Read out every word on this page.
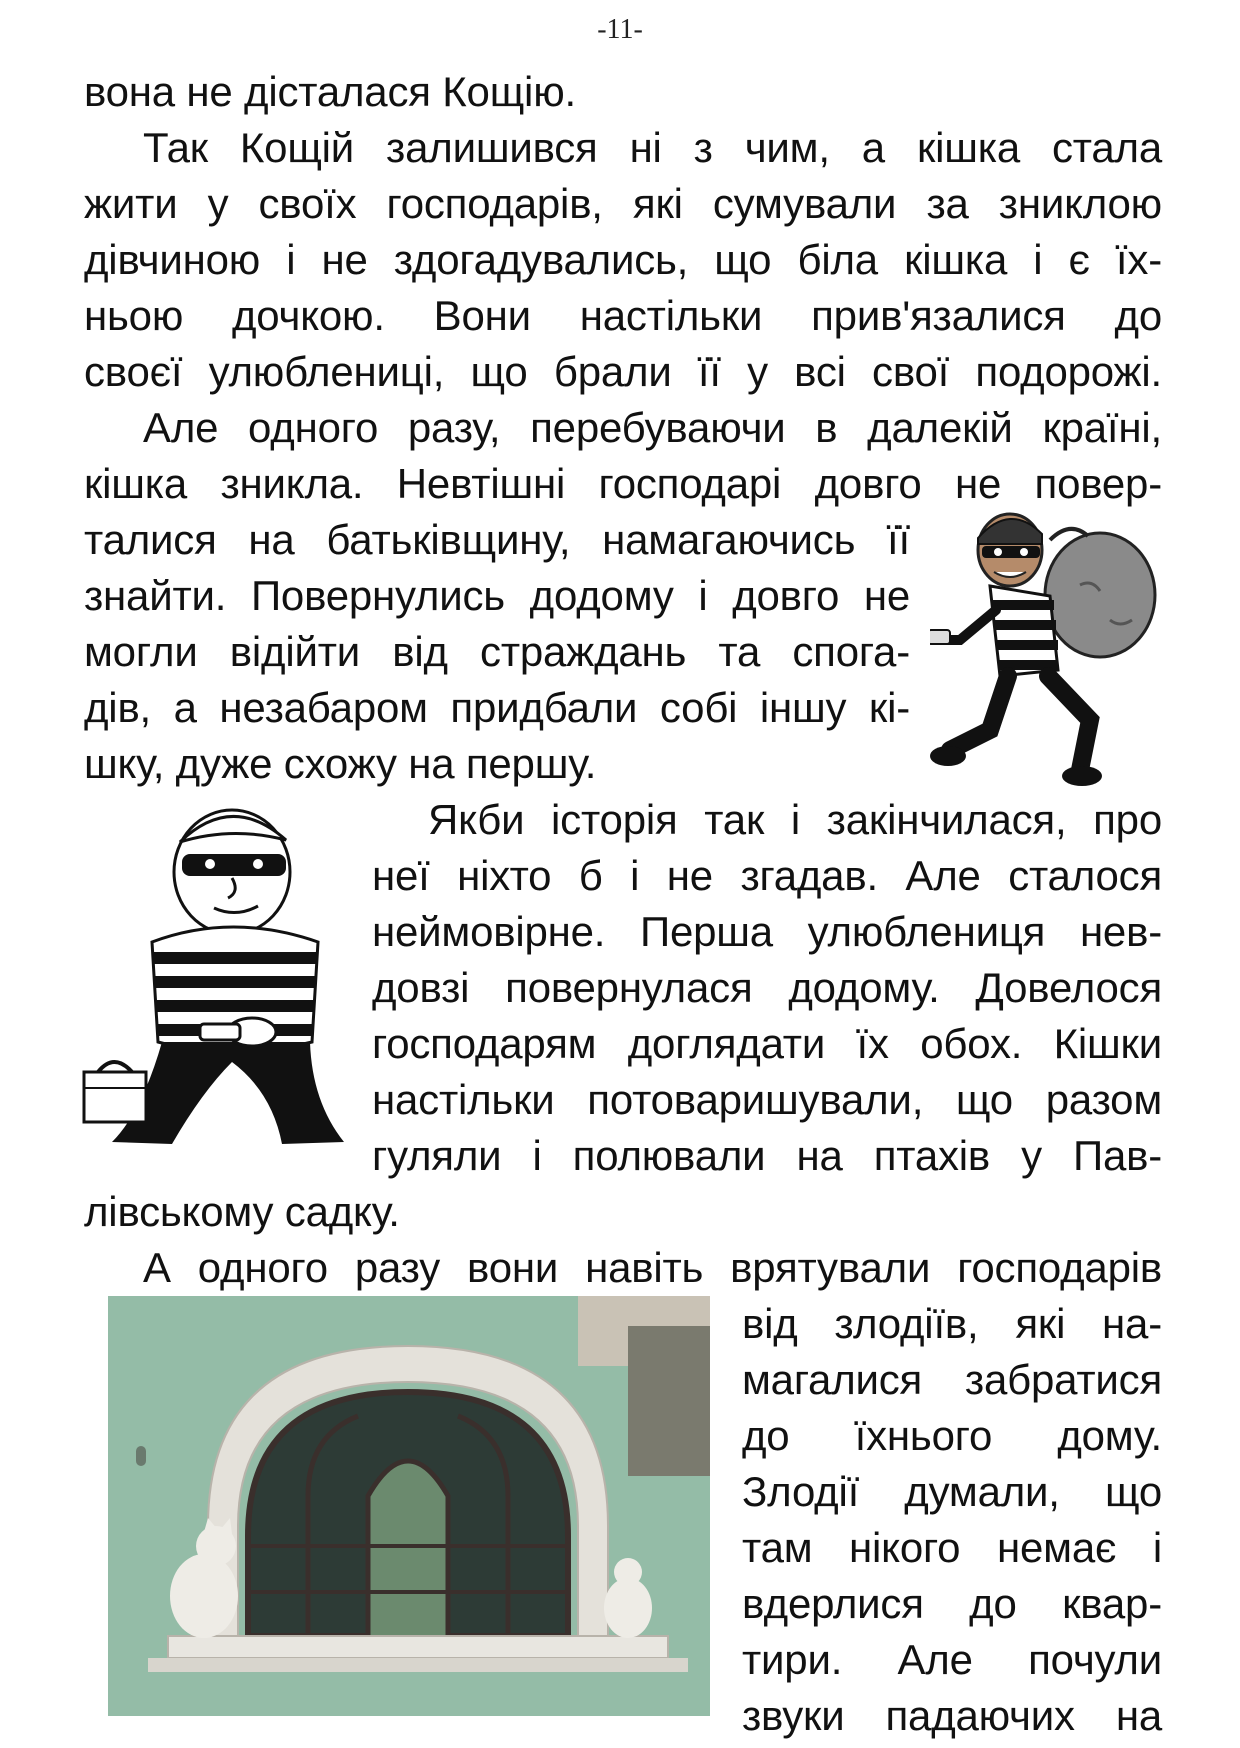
-11-
вона не дісталася Кощію.
Так Кощій залишився ні з чим, а кішка стала
жити у своїх господарів, які сумували за зниклою
дівчиною і не здогадувались, що біла кішка і є їх-
ньою дочкою. Вони настільки прив'язалися до
своєї улюблениці, що брали її у всі свої подорожі.
Але одного разу, перебуваючи в далекій країні,
кішка зникла. Невтішні господарі довго не повер-
талися на батьківщину, намагаючись її
знайти. Повернулись додому і довго не
могли відійти від страждань та спога-
дів, а незабаром придбали собі іншу кі-
шку, дуже схожу на першу.
Якби історія так і закінчилася, про
неї ніхто б і не згадав. Але сталося
неймовірне. Перша улюблениця нев-
довзі повернулася додому. Довелося
господарям доглядати їх обох. Кішки
настільки потоваришували, що разом
гуляли і полювали на птахів у Пав-
лівському садку.
А одного разу вони навіть врятували господарів
від злодіїв, які на-
магалися забратися
до їхнього дому.
Злодії думали, що
там нікого немає і
вдерлися до квар-
тири. Але почули
звуки падаючих на
